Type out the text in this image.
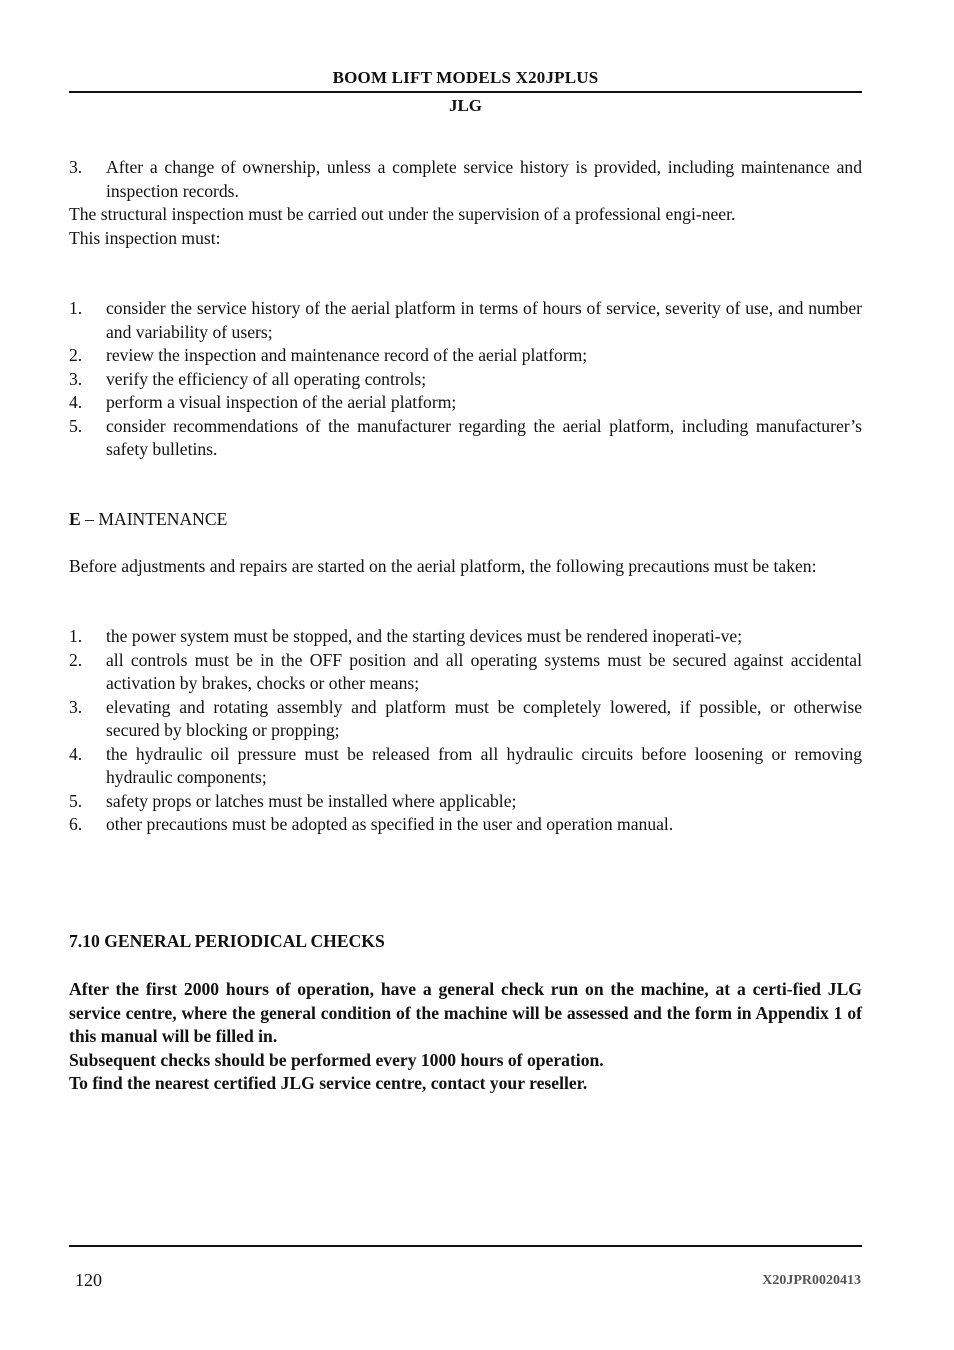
BOOM LIFT MODELS X20JPLUS
JLG
3. After a change of ownership, unless a complete service history is provided, including maintenance and inspection records.
The structural inspection must be carried out under the supervision of a professional engi-neer.
This inspection must:
1. consider the service history of the aerial platform in terms of hours of service, severity of use, and number and variability of users;
2. review the inspection and maintenance record of the aerial platform;
3. verify the efficiency of all operating controls;
4. perform a visual inspection of the aerial platform;
5. consider recommendations of the manufacturer regarding the aerial platform, including manufacturer’s safety bulletins.
E – MAINTENANCE
Before adjustments and repairs are started on the aerial platform, the following precautions must be taken:
1. the power system must be stopped, and the starting devices must be rendered inoperati-ve;
2. all controls must be in the OFF position and all operating systems must be secured against accidental activation by brakes, chocks or other means;
3. elevating and rotating assembly and platform must be completely lowered, if possible, or otherwise secured by blocking or propping;
4. the hydraulic oil pressure must be released from all hydraulic circuits before loosening or removing hydraulic components;
5. safety props or latches must be installed where applicable;
6. other precautions must be adopted as specified in the user and operation manual.
7.10 GENERAL PERIODICAL CHECKS
After the first 2000 hours of operation, have a general check run on the machine, at a certi-fied JLG service centre, where the general condition of the machine will be assessed and the form in Appendix 1 of this manual will be filled in.
Subsequent checks should be performed every 1000 hours of operation.
To find the nearest certified JLG service centre, contact your reseller.
120	X20JPR0020413
